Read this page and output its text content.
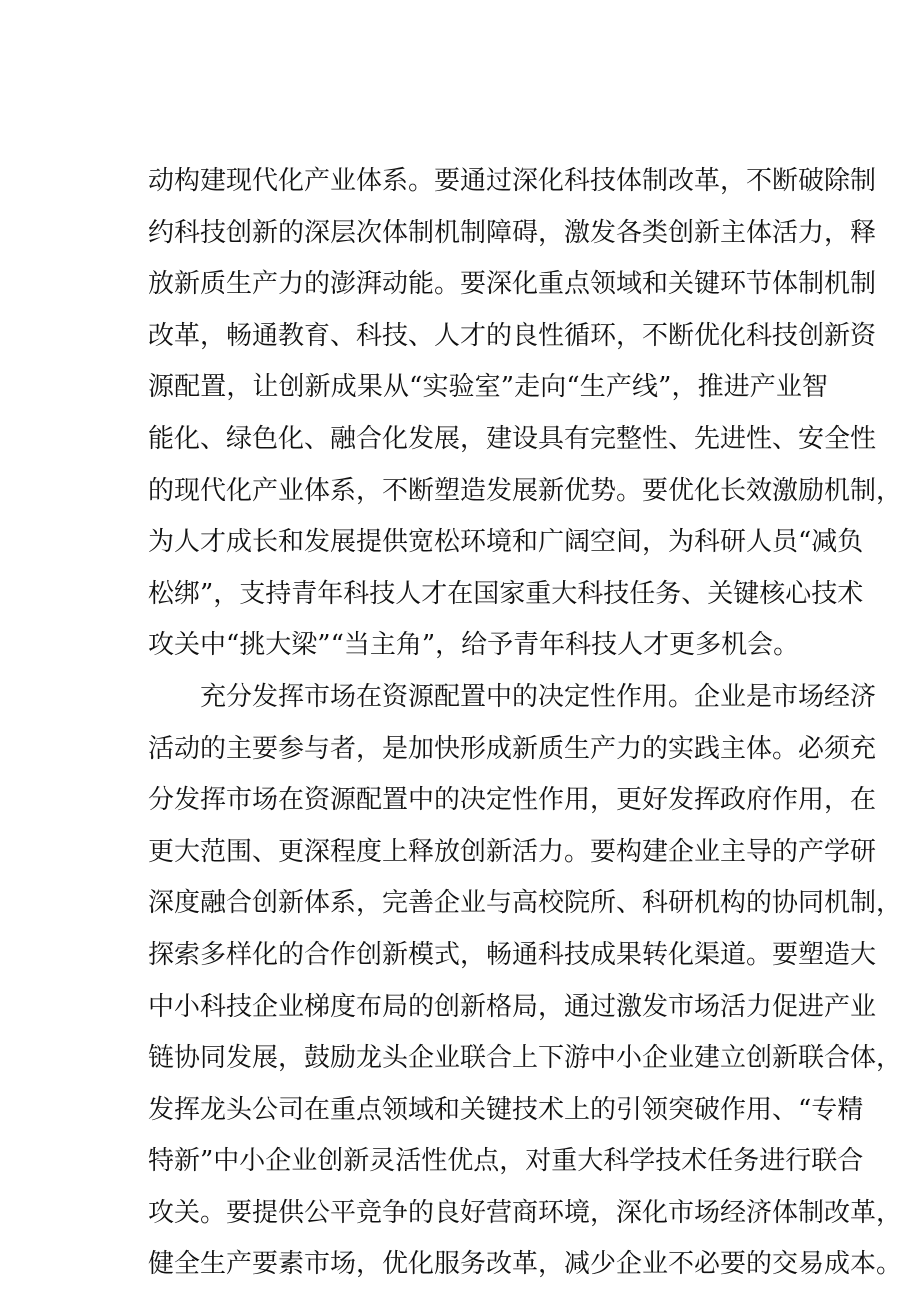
动构建现代化产业体系。要通过深化科技体制改革，不断破除制
约科技创新的深层次体制机制障碍，激发各类创新主体活力，释
放新质生产力的澎湃动能。要深化重点领域和关键环节体制机制
改革，畅通教育、科技、人才的良性循环，不断优化科技创新资
源配置，让创新成果从“实验室”走向“生产线”，推进产业智
能化、绿色化、融合化发展，建设具有完整性、先进性、安全性
的现代化产业体系，不断塑造发展新优势。要优化长效激励机制，
为人才成长和发展提供宽松环境和广阔空间，为科研人员“减负
松绑”，支持青年科技人才在国家重大科技任务、关键核心技术
攻关中“挑大梁”“当主角”，给予青年科技人才更多机会。
充分发挥市场在资源配置中的决定性作用。企业是市场经济
活动的主要参与者，是加快形成新质生产力的实践主体。必须充
分发挥市场在资源配置中的决定性作用，更好发挥政府作用，在
更大范围、更深程度上释放创新活力。要构建企业主导的产学研
深度融合创新体系，完善企业与高校院所、科研机构的协同机制，
探索多样化的合作创新模式，畅通科技成果转化渠道。要塑造大
中小科技企业梯度布局的创新格局，通过激发市场活力促进产业
链协同发展，鼓励龙头企业联合上下游中小企业建立创新联合体，
发挥龙头公司在重点领域和关键技术上的引领突破作用、“专精
特新”中小企业创新灵活性优点，对重大科学技术任务进行联合
攻关。要提供公平竞争的良好营商环境，深化市场经济体制改革，
健全生产要素市场，优化服务改革，减少企业不必要的交易成本。
